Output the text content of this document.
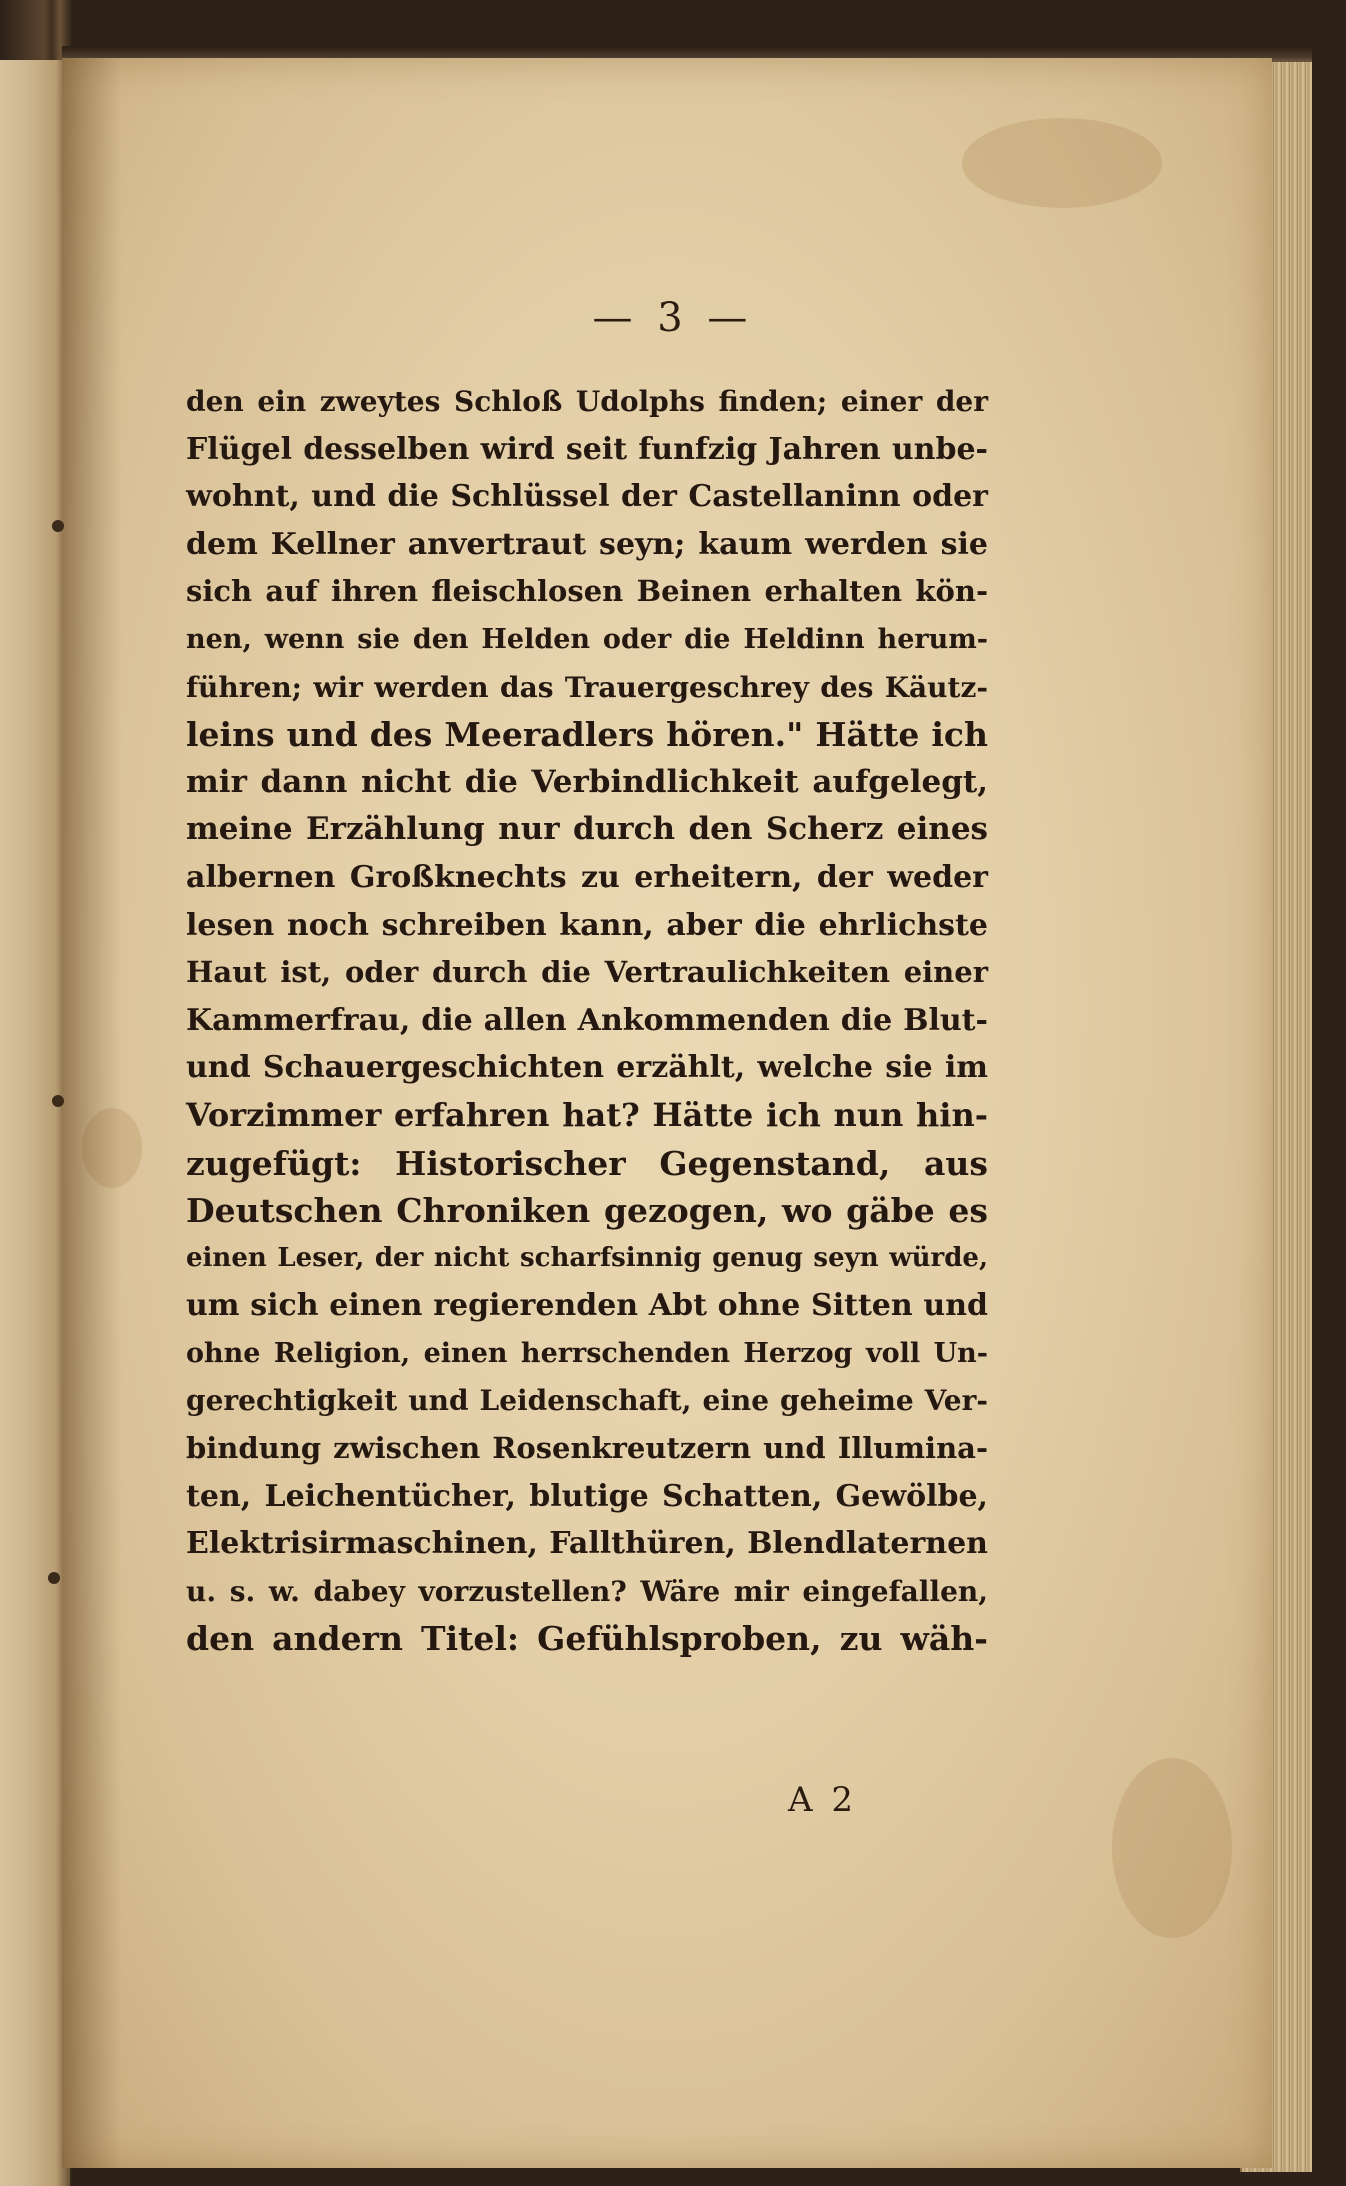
— 3 —
den ein zweytes Schloß Udolphs finden; einer der
Flügel desselben wird seit funfzig Jahren unbe-
wohnt, und die Schlüssel der Castellaninn oder
dem Kellner anvertraut seyn; kaum werden sie
sich auf ihren fleischlosen Beinen erhalten kön-
nen, wenn sie den Helden oder die Heldinn herum-
führen; wir werden das Trauergeschrey des Käutz-
leins und des Meeradlers hören." Hätte ich
mir dann nicht die Verbindlichkeit aufgelegt,
meine Erzählung nur durch den Scherz eines
albernen Großknechts zu erheitern, der weder
lesen noch schreiben kann, aber die ehrlichste
Haut ist, oder durch die Vertraulichkeiten einer
Kammerfrau, die allen Ankommenden die Blut-
und Schauergeschichten erzählt, welche sie im
Vorzimmer erfahren hat? Hätte ich nun hin-
zugefügt: Historischer Gegenstand, aus
Deutschen Chroniken gezogen, wo gäbe es
einen Leser, der nicht scharfsinnig genug seyn würde,
um sich einen regierenden Abt ohne Sitten und
ohne Religion, einen herrschenden Herzog voll Un-
gerechtigkeit und Leidenschaft, eine geheime Ver-
bindung zwischen Rosenkreutzern und Illumina-
ten, Leichentücher, blutige Schatten, Gewölbe,
Elektrisirmaschinen, Fallthüren, Blendlaternen
u. s. w. dabey vorzustellen? Wäre mir eingefallen,
den andern Titel: Gefühlsproben, zu wäh-
A 2
